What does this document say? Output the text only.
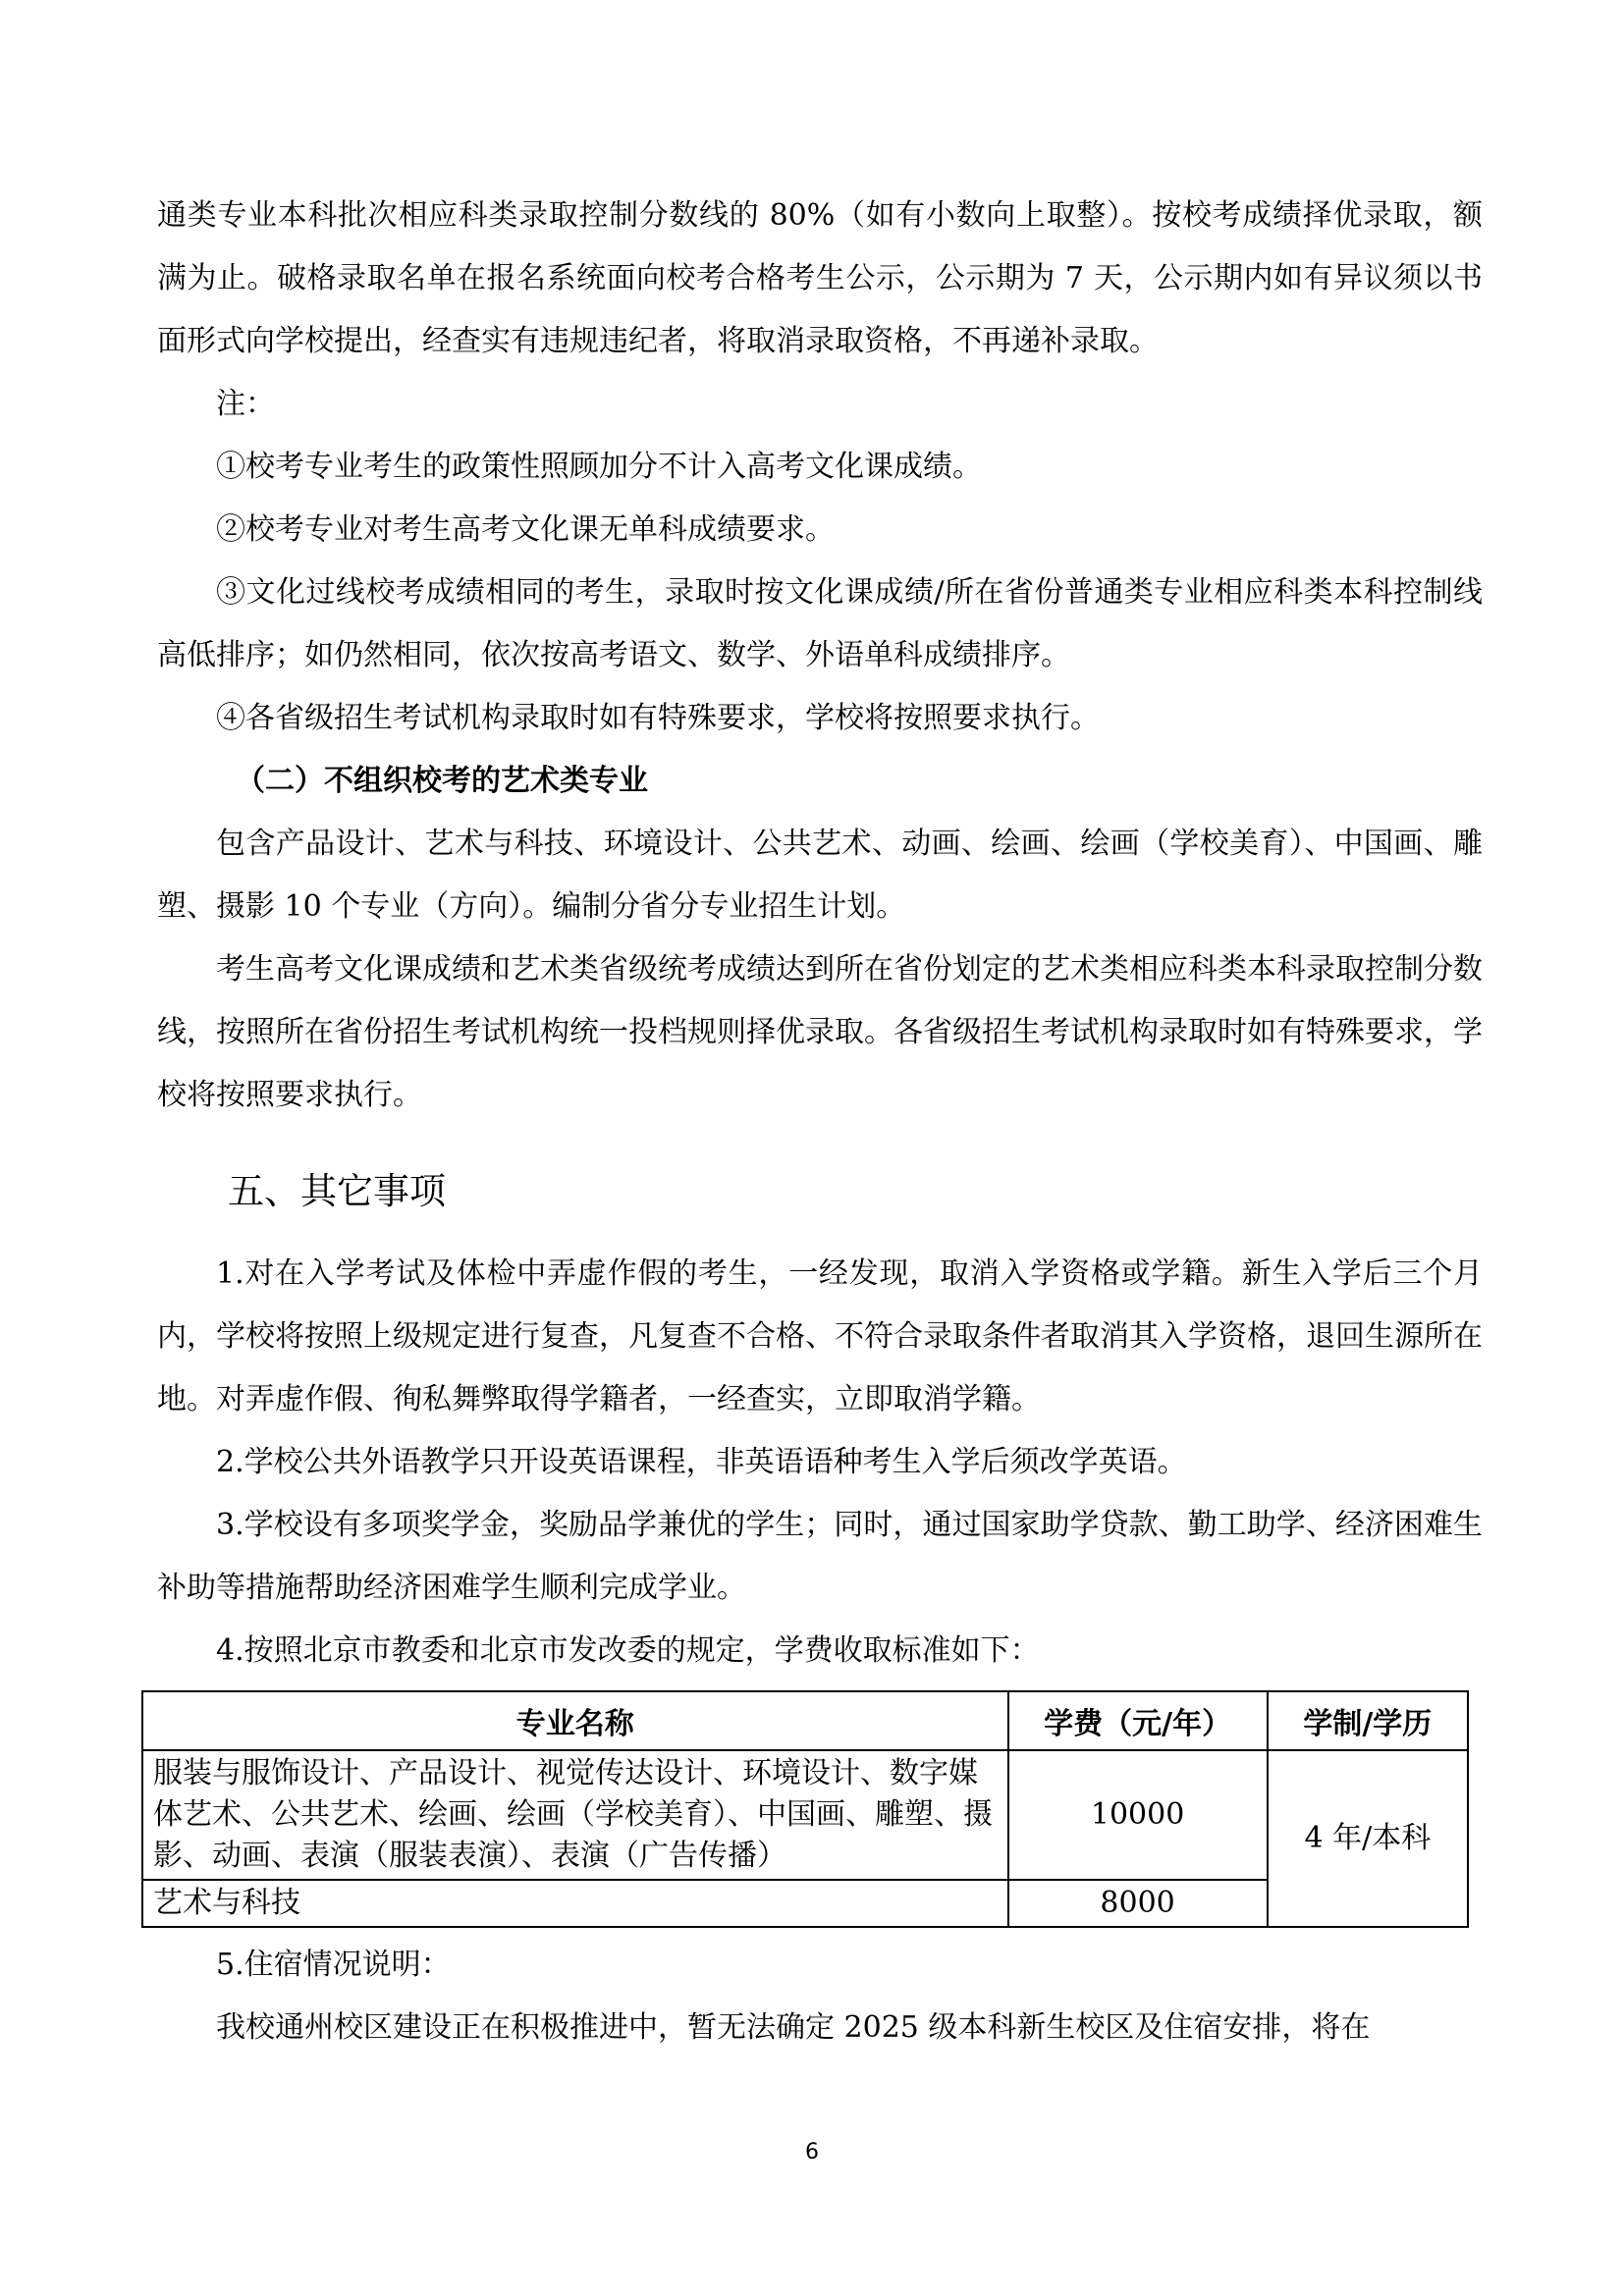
通类专业本科批次相应科类录取控制分数线的 80%（如有小数向上取整）。按校考成绩择优录取，额满为止。破格录取名单在报名系统面向校考合格考生公示，公示期为 7 天，公示期内如有异议须以书面形式向学校提出，经查实有违规违纪者，将取消录取资格，不再递补录取。

注：

①校考专业考生的政策性照顾加分不计入高考文化课成绩。

②校考专业对考生高考文化课无单科成绩要求。

③文化过线校考成绩相同的考生，录取时按文化课成绩/所在省份普通类专业相应科类本科控制线高低排序；如仍然相同，依次按高考语文、数学、外语单科成绩排序。

④各省级招生考试机构录取时如有特殊要求，学校将按照要求执行。

（二）不组织校考的艺术类专业

包含产品设计、艺术与科技、环境设计、公共艺术、动画、绘画、绘画（学校美育）、中国画、雕塑、摄影 10 个专业（方向）。编制分省分专业招生计划。

考生高考文化课成绩和艺术类省级统考成绩达到所在省份划定的艺术类相应科类本科录取控制分数线，按照所在省份招生考试机构统一投档规则择优录取。各省级招生考试机构录取时如有特殊要求，学校将按照要求执行。

五、其它事项

1.对在入学考试及体检中弄虚作假的考生，一经发现，取消入学资格或学籍。新生入学后三个月内，学校将按照上级规定进行复查，凡复查不合格、不符合录取条件者取消其入学资格，退回生源所在地。对弄虚作假、徇私舞弊取得学籍者，一经查实，立即取消学籍。

2.学校公共外语教学只开设英语课程，非英语语种考生入学后须改学英语。

3.学校设有多项奖学金，奖励品学兼优的学生；同时，通过国家助学贷款、勤工助学、经济困难生补助等措施帮助经济困难学生顺利完成学业。

4.按照北京市教委和北京市发改委的规定，学费收取标准如下：

专业名称	学费（元/年）	学制/学历
服装与服饰设计、产品设计、视觉传达设计、环境设计、数字媒体艺术、公共艺术、绘画、绘画（学校美育）、中国画、雕塑、摄影、动画、表演（服装表演）、表演（广告传播）	10000	4 年/本科
艺术与科技	8000	

5.住宿情况说明：

我校通州校区建设正在积极推进中，暂无法确定 2025 级本科新生校区及住宿安排，将在

6
